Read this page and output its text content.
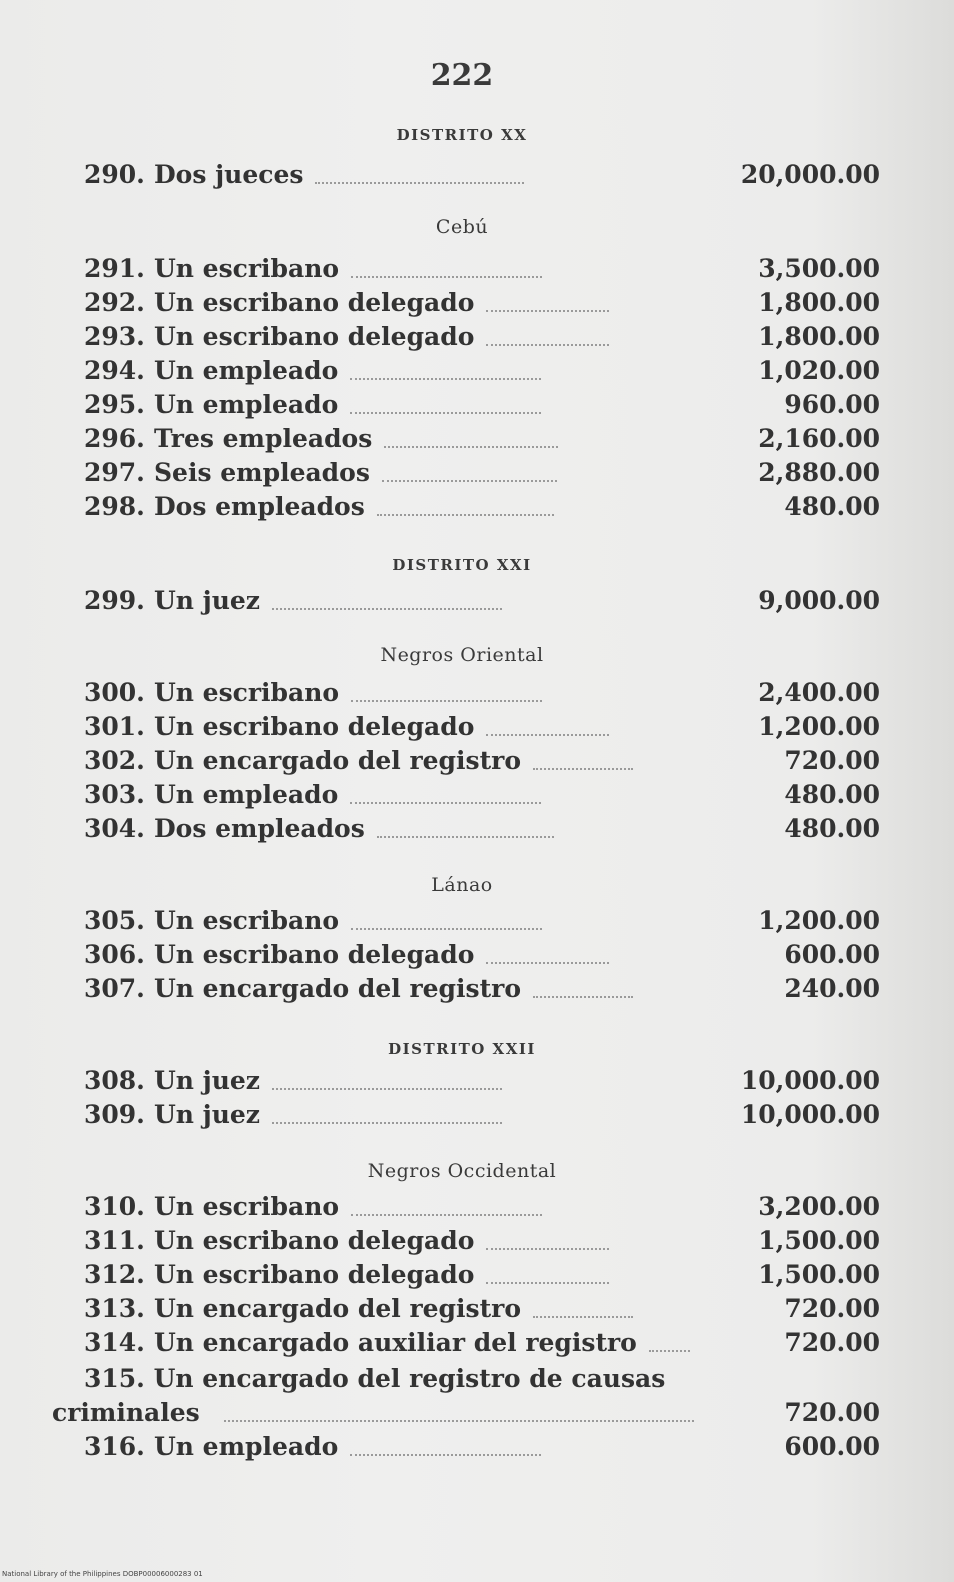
222
DISTRITO XX
290. Dos jueces	20,000.00
Cebú
291. Un escribano	3,500.00
292. Un escribano delegado	1,800.00
293. Un escribano delegado	1,800.00
294. Un empleado	1,020.00
295. Un empleado	960.00
296. Tres empleados	2,160.00
297. Seis empleados	2,880.00
298. Dos empleados	480.00
DISTRITO XXI
299. Un juez	9,000.00
Negros Oriental
300. Un escribano	2,400.00
301. Un escribano delegado	1,200.00
302. Un encargado del registro	720.00
303. Un empleado	480.00
304. Dos empleados	480.00
Lánao
305. Un escribano	1,200.00
306. Un escribano delegado	600.00
307. Un encargado del registro	240.00
DISTRITO XXII
308. Un juez	10,000.00
309. Un juez	10,000.00
Negros Occidental
310. Un escribano	3,200.00
311. Un escribano delegado	1,500.00
312. Un escribano delegado	1,500.00
313. Un encargado del registro	720.00
314. Un encargado auxiliar del registro	720.00
315. Un encargado del registro de causas
criminales	720.00
316. Un empleado	600.00
National Library of the Philippines DOBP00006000283 01
